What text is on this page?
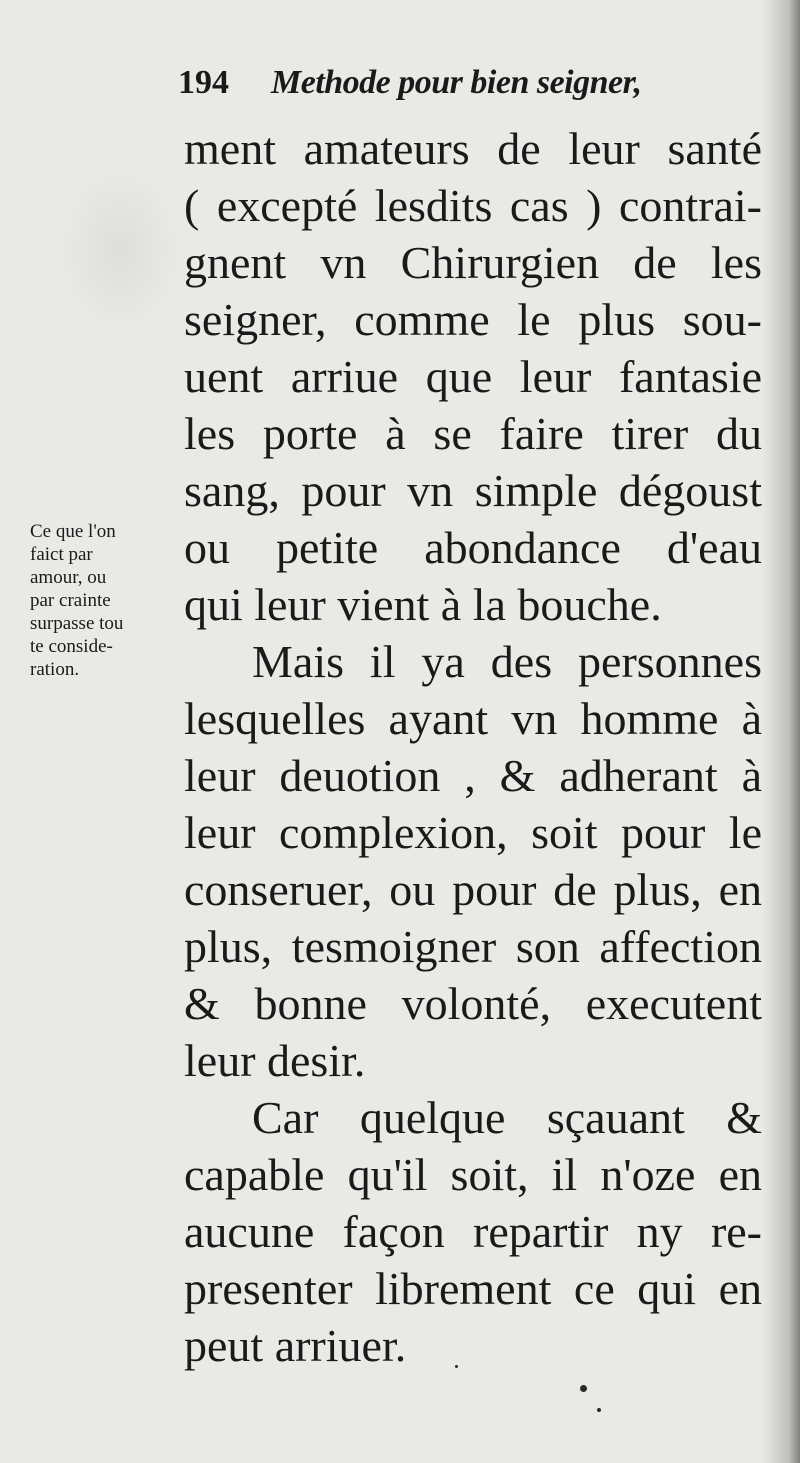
194 Methode pour bien seigner,
ment amateurs de leur santé
( excepté lesdits cas ) contrai-
gnent vn Chirurgien de les
seigner, comme le plus sou-
uent arriue que leur fantasie
les porte à se faire tirer du
sang, pour vn simple dégoust
ou petite abondance d'eau
qui leur vient à la bouche.
Mais il ya des personnes
lesquelles ayant vn homme à
leur deuotion , & adherant à
leur complexion, soit pour le
conseruer, ou pour de plus, en
plus, tesmoigner son affection
& bonne volonté, executent
leur desir.
Car quelque sçauant &
capable qu'il soit, il n'oze en
aucune façon repartir ny re-
presenter librement ce qui en
peut arriuer.
Ce que l'on
faict par
amour, ou
par crainte
surpasse tou
te conside-
ration.
